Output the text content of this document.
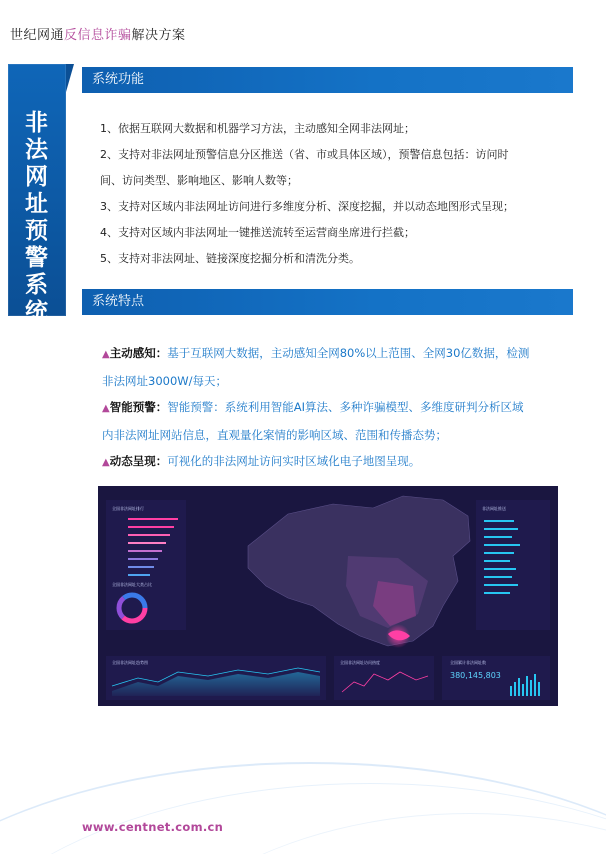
世纪网通反信息诈骗解决方案
非
法
网
址
预
警
系
统
系统功能

1、依据互联网大数据和机器学习方法，主动感知全网非法网址；

2、支持对非法网址预警信息分区推送（省、市或具体区域），预警信息包括：访问时

间、访问类型、影响地区、影响人数等；

3、支持对区域内非法网址访问进行多维度分析、深度挖掘，并以动态地图形式呈现；

4、支持对区域内非法网址一键推送流转至运营商坐席进行拦截；

5、支持对非法网址、链接深度挖掘分析和清洗分类。

系统特点

▲主动感知：基于互联网大数据，主动感知全网80%以上范围、全网30亿数据，检测

非法网址3000W/每天；

▲智能预警：智能预警：系统利用智能AI算法、多种诈骗模型、多维度研判分析区域

内非法网址网站信息，直观量化案情的影响区域、范围和传播态势；

▲动态呈现：可视化的非法网址访问实时区域化电子地图呈现。

全国非法网址排行
全国非法网址大类占比
非法网址推送
全国非法网址趋势图	全国非法网址访问热度	全国累计非法网址数
380,145,803
www.centnet.com.cn
